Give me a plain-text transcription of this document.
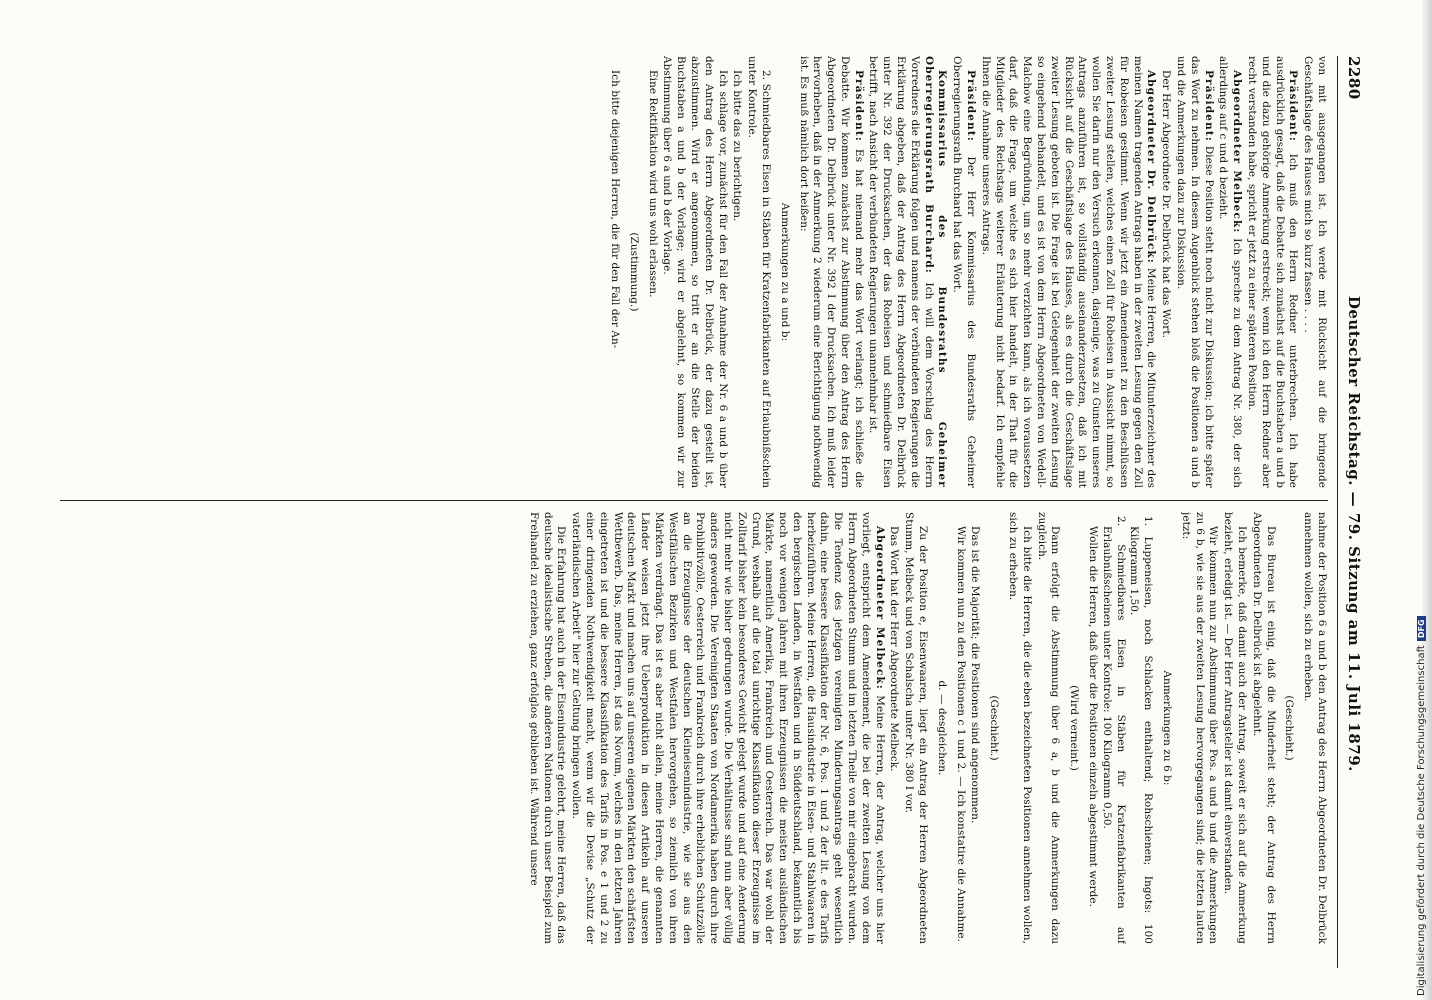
2280
Deutscher Reichstag. — 79. Sitzung am 11. Juli 1879.

von mit ausgegangen ist. Ich werde mit Rücksicht auf die bringende Geschäftslage des Hauses mich so kurz fassen . . . .

Präsident: Ich muß den Herrn Redner unterbrechen. Ich habe ausdrücklich gesagt, daß die Debatte sich zunächst auf die Buchstaben a und b und die dazu gehörige Anmerkung erstreckt; wenn ich den Herrn Redner aber recht verstanden habe, spricht er jetzt zu einer späteren Position.

Abgeordneter Melbeck: Ich spreche zu dem Antrag Nr. 380, der sich allerdings auf c und d bezieht.

Präsident: Diese Position steht noch nicht zur Diskussion; ich bitte später das Wort zu nehmen. In diesem Augenblick stehen bloß die Positionen a und b und die Anmerkungen dazu zur Diskussion.

Der Herr Abgeordnete Dr. Delbrück hat das Wort.

Abgeordneter Dr. Delbrück: Meine Herren, die Mitunterzeichner des meinen Namen tragenden Antrags haben in der zweiten Lesung gegen den Zoll für Robeisen gestimmt. Wenn wir jetzt ein Amendement zu den Beschlüssen zweiter Lesung stellen, welches einen Zoll für Robeisen in Aussicht nimmt, so wollen Sie darin nur den Versuch erkennen, dasjenige, was zu Gunsten unseres Antrags anzuführen ist, so vollständig auseinanderzusetzen, daß ich mit Rücksicht auf die Geschäftslage des Hauses, als es durch die Geschäftslage zweiter Lesung geboten ist. Die Frage ist bei Gelegenheit der zweiten Lesung so eingehend behandelt, und es ist von dem Herrn Abgeordneten von Wedell-Malchow eine Begründung, um so mehr verzichten kann, als ich voraussetzen darf, daß die Frage, um welche es sich hier handelt, in der That für die Mitglieder des Reichstags weiterer Erläuterung nicht bedarf. Ich empfehle Ihnen die Annahme unseres Antrags.

Präsident: Der Herr Kommissarius des Bundesraths Geheimer Oberregierungsrath Burchard hat das Wort.

Kommissarius des Bundesraths Geheimer Oberregierungsrath Burchard: Ich will dem Vorschlag des Herrn Vorredners die Erklärung folgen und namens der verbündeten Regierungen die Erklärung abgeben, daß der Antrag des Herrn Abgeordneten Dr. Delbrück unter Nr. 392 der Drucksachen, der das Robeisen und schmiedbare Eisen betrifft, nach Ansicht der verbündeten Regierungen unannehmbar ist.

Präsident: Es hat niemand mehr das Wort verlangt; ich schließe die Debatte. Wir kommen zunächst zur Abstimmung über den Antrag des Herrn Abgeordneten Dr. Delbrück unter Nr. 392 I der Drucksachen. Ich muß leider hervorheben, daß in der Anmerkung 2 wiederum eine Berichtigung nothwendig ist. Es muß nämlich dort heißen:

Anmerkungen zu a und b:

2. Schmiedbares Eisen in Stäben für Kratzenfabrikanten auf Erlaubnißschein unter Kontrole.

Ich bitte das zu berichtigen.

Ich schlage vor, zunächst für den Fall der Annahme der Nr. 6 a und b über den Antrag des Herrn Abgeordneten Dr. Delbrück, der dazu gestellt ist, abzustimmen. Wird er angenommen, so tritt er an die Stelle der beiden Buchstaben a und b der Vorlage; wird er abgelehnt, so kommen wir zur Abstimmung über 6 a und b der Vorlage.

Eine Rektifikation wird uns wohl erlassen.

(Zustimmung.)

Ich bitte diejenigen Herren, die für den Fall der An-

nahme der Position 6 a und b den Antrag des Herrn Abgeordneten Dr. Delbrück annehmen wollen, sich zu erheben.

(Geschieht.)

Das Bureau ist einig, daß die Minderheit steht; der Antrag des Herrn Abgeordneten Dr. Delbrück ist abgelehnt.

Ich bemerke, daß damit auch der Antrag, soweit er sich auf die Anmerkung bezieht, erledigt ist. — Der Herr Antragsteller ist damit einverstanden.

Wir kommen nun zur Abstimmung über Pos. a und b und die Anmerkungen zu 6 b, wie sie aus der zweiten Lesung hervorgegangen sind; die letzten lauten jetzt:

Anmerkungen zu 6 b:

1. Luppeneisen, noch Schlacken enthaltend; Rohschienen; Ingots: 100 Kilogramm 1,50.

2. Schmiedbares Eisen in Stäben für Kratzenfabrikanten auf Erlaubnißscheinen unter Kontrole: 100 Kilogramm 0,50.

Wollen die Herren, daß über die Positionen einzeln abgestimmt werde.

(Wird verneint.)

Dann erfolgt die Abstimmung über 6 a, b und die Anmerkungen dazu zugleich.

Ich bitte die Herren, die die eben bezeichneten Positionen annehmen wollen, sich zu erheben.

(Geschieht.)

Das ist die Majorität; die Positionen sind angenommen.

Wir kommen nun zu den Positionen c 1 und 2. — Ich konstatire die Annahme.

d. — desgleichen.

Zu der Position e, Eisenwaaren, liegt ein Antrag der Herren Abgeordneten Stumm, Melbeck und von Schalscha unter Nr. 380 I vor.

Das Wort hat der Herr Abgeordnete Melbeck.

Abgeordneter Melbeck: Meine Herren, der Antrag, welcher uns hier vorliegt, entspricht dem Amendement, die bei der zweiten Lesung von dem Herrn Abgeordneten Stumm und im letzten Theile von mir eingebracht wurden. Die Tendenz des jetzigen vereinigten Minderungsantrags geht wesentlich dahin, eine bessere Klassifikation der Nr. 6, Pos. 1 und 2 der lit. e des Tarifs herbeizuführen. Meine Herren, die Hausindustrie in Eisen- und Stahlwaaren in den bergischen Landen, in Westfalen und in Süddeutschland, bekanntlich bis noch vor wenigen Jahren mit ihren Erzeugnissen die meisten ausländischen Märkte, namentlich Amerika, Frankreich und Oesterreich. Das war wohl der Grund, weshalb auf die total unrichtige Klassifikation dieser Erzeugnisse im Zolltarif bisher kein besonderes Gewicht gelegt wurde und auf eine Aenderung nicht mehr wie bisher gedrungen wurde. Die Verhältnisse sind nun aber völlig anders geworden. Die Vereinigten Staaten von Nordamerika haben durch ihre Prohibitivzölle, Oesterreich und Frankreich durch ihre erheblichen Schutzzölle an die Erzeugnisse der deutschen Kleineisenindustrie, wie sie aus den Westfälischen Bezirken und Westfalen hervorgehen, so ziemlich von ihren Märkten verdrängt. Das ist es aber nicht allein, meine Herren, die genannten Länder weisen jetzt ihre Ueberproduktion in diesen Artikeln auf unseren deutschen Markt und machen uns auf unseren eigenen Märkten den schärfsten Wettbewerb. Das, meine Herren, ist das Novum, welches in den letzten Jahren eingetreten ist und die bessere Klassifikation des Tarifs in Pos. e 1 und 2 zu einer dringenden Nothwendigkeit macht, wenn wir die Devise „Schutz der vaterländischen Arbeit“ hier zur Geltung bringen wollen.

Die Erfahrung hat auch in der Eisenindustrie gelehrt, meine Herren, daß das deutsche idealistische Streben, die anderen Nationen durch unser Beispiel zum Freihandel zu erziehen, ganz erfolglos geblieben ist. Während unsere	Digitalisierung gefördert durch die Deutsche ForschungsgemeinschaftDFG
